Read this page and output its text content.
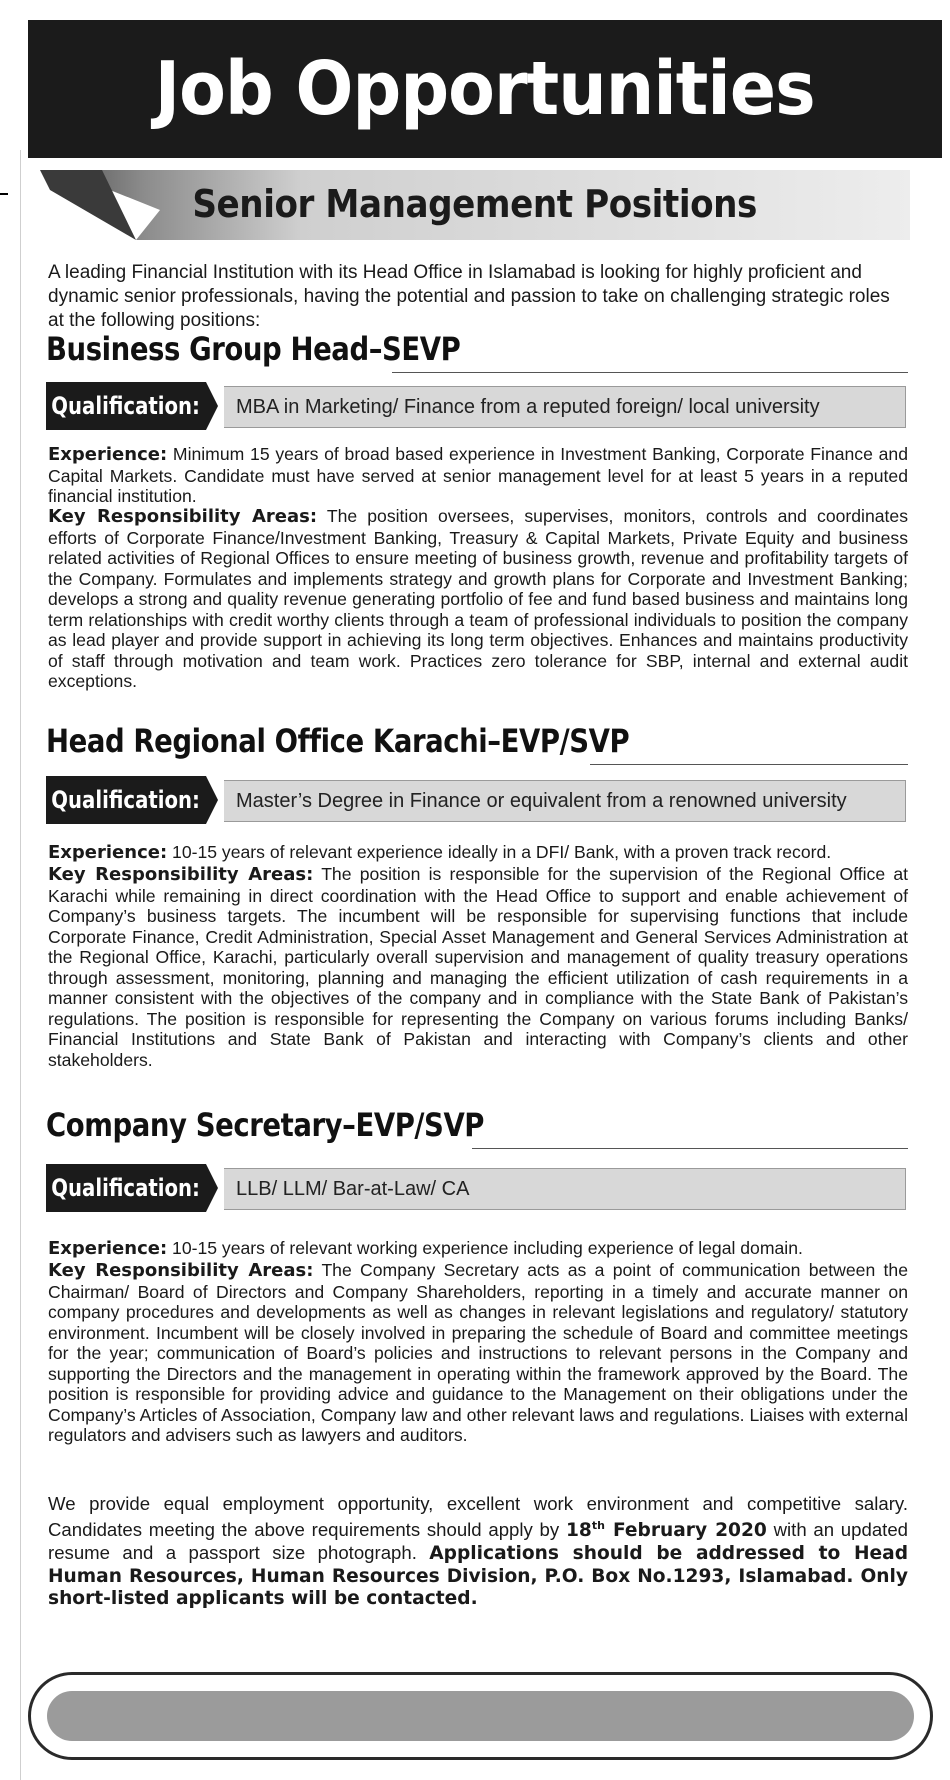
Job Opportunities
Senior Management Positions
A leading Financial Institution with its Head Office in Islamabad is looking for highly proficient and dynamic senior professionals, having the potential and passion to take on challenging strategic roles at the following positions:
Business Group Head–SEVP
Qualification:	MBA in Marketing/ Finance from a reputed foreign/ local university
Experience: Minimum 15 years of broad based experience in Investment Banking, Corporate Finance and Capital Markets. Candidate must have served at senior management level for at least 5 years in a reputed financial institution.
Key Responsibility Areas: The position oversees, supervises, monitors, controls and coordinates efforts of Corporate Finance/Investment Banking, Treasury & Capital Markets, Private Equity and business related activities of Regional Offices to ensure meeting of business growth, revenue and profitability targets of the Company. Formulates and implements strategy and growth plans for Corporate and Investment Banking; develops a strong and quality revenue generating portfolio of fee and fund based business and maintains long term relationships with credit worthy clients through a team of professional individuals to position the company as lead player and provide support in achieving its long term objectives. Enhances and maintains productivity of staff through motivation and team work. Practices zero tolerance for SBP, internal and external audit exceptions.
Head Regional Office Karachi–EVP/SVP
Qualification:	Master’s Degree in Finance or equivalent from a renowned university
Experience: 10-15 years of relevant experience ideally in a DFI/ Bank, with a proven track record.
Key Responsibility Areas: The position is responsible for the supervision of the Regional Office at Karachi while remaining in direct coordination with the Head Office to support and enable achievement of Company’s business targets. The incumbent will be responsible for supervising functions that include Corporate Finance, Credit Administration, Special Asset Management and General Services Administration at the Regional Office, Karachi, particularly overall supervision and management of quality treasury operations through assessment, monitoring, planning and managing the efficient utilization of cash requirements in a manner consistent with the objectives of the company and in compliance with the State Bank of Pakistan’s regulations. The position is responsible for representing the Company on various forums including Banks/ Financial Institutions and State Bank of Pakistan and interacting with Company’s clients and other stakeholders.
Company Secretary–EVP/SVP
Qualification:	LLB/ LLM/ Bar-at-Law/ CA
Experience: 10-15 years of relevant working experience including experience of legal domain.
Key Responsibility Areas: The Company Secretary acts as a point of communication between the Chairman/ Board of Directors and Company Shareholders, reporting in a timely and accurate manner on company procedures and developments as well as changes in relevant legislations and regulatory/ statutory environment. Incumbent will be closely involved in preparing the schedule of Board and committee meetings for the year; communication of Board’s policies and instructions to relevant persons in the Company and supporting the Directors and the management in operating within the framework approved by the Board. The position is responsible for providing advice and guidance to the Management on their obligations under the Company’s Articles of Association, Company law and other relevant laws and regulations. Liaises with external regulators and advisers such as lawyers and auditors.
We provide equal employment opportunity, excellent work environment and competitive salary. Candidates meeting the above requirements should apply by 18th February 2020 with an updated resume and a passport size photograph. Applications should be addressed to Head Human Resources, Human Resources Division, P.O. Box No.1293, Islamabad. Only short-listed applicants will be contacted.
